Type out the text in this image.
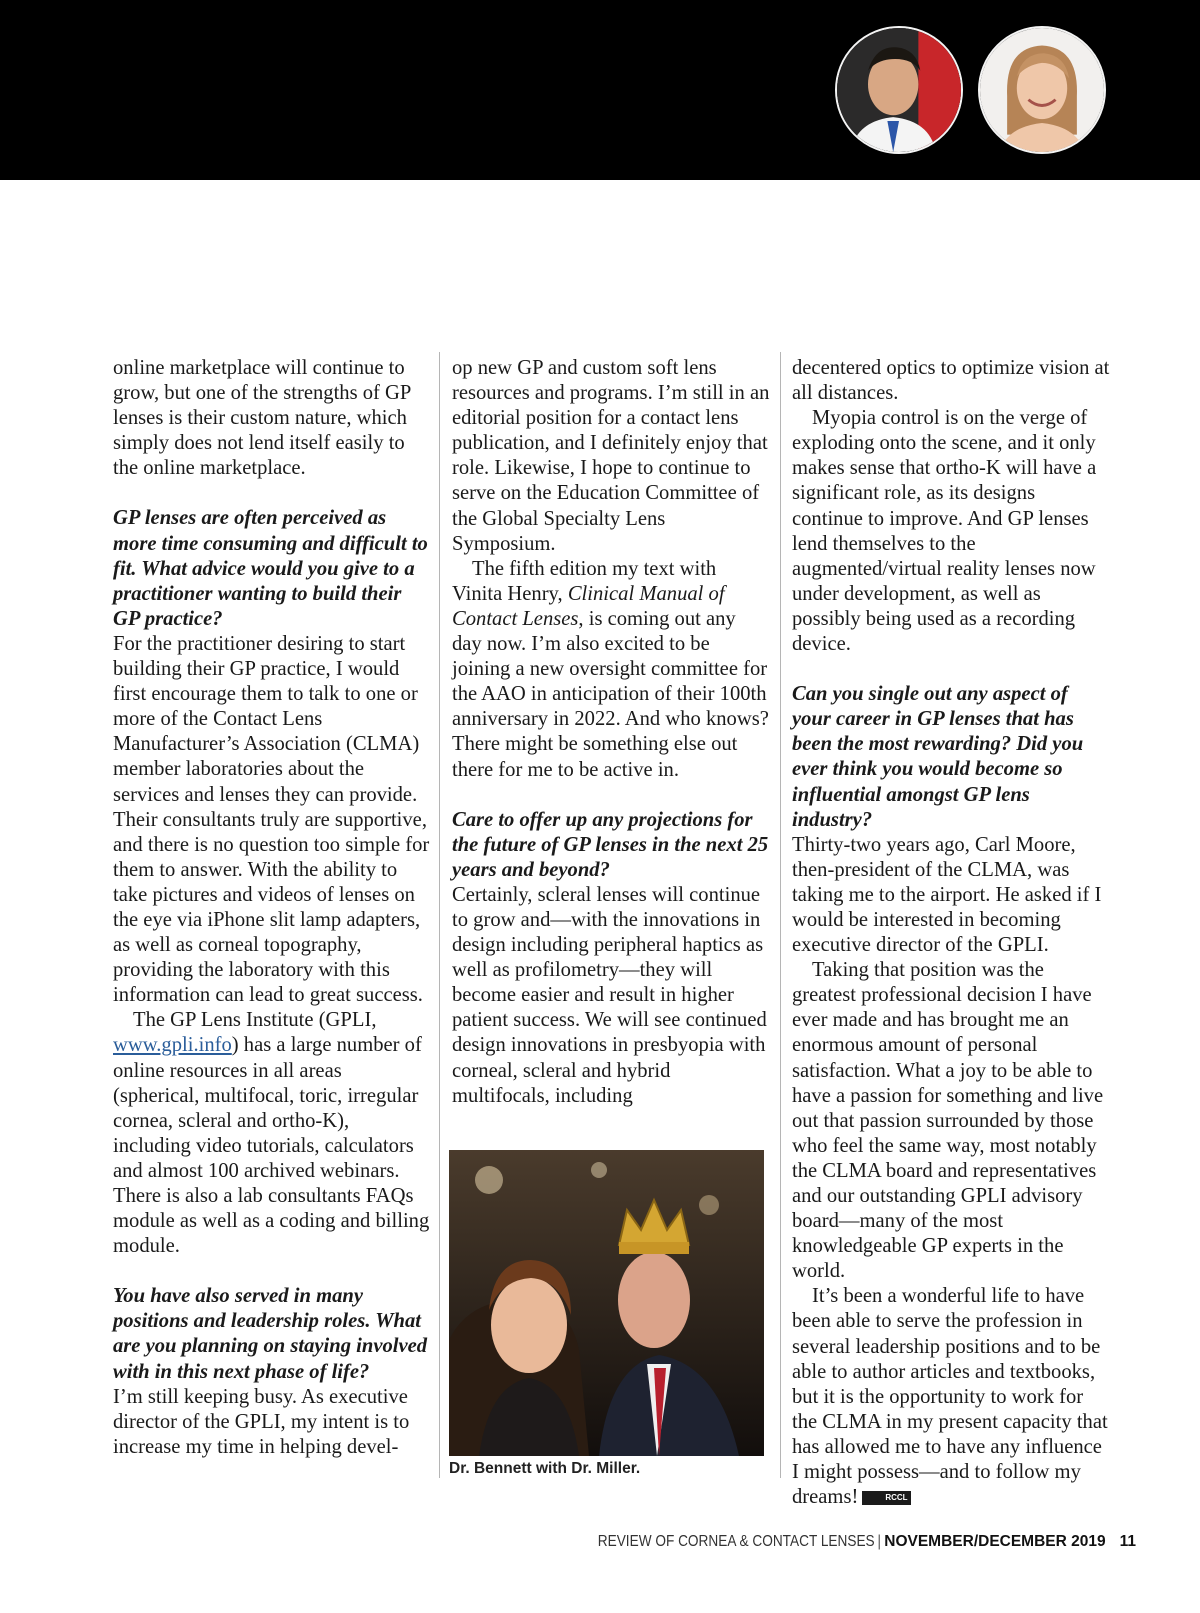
online marketplace will continue to grow, but one of the strengths of GP lenses is their custom nature, which simply does not lend itself easily to the online marketplace.

GP lenses are often perceived as more time consuming and difficult to fit. What advice would you give to a practitioner wanting to build their GP practice?

For the practitioner desiring to start building their GP practice, I would first encourage them to talk to one or more of the Contact Lens Manufacturer’s Association (CLMA) member laboratories about the services and lenses they can provide. Their consultants truly are supportive, and there is no question too simple for them to answer. With the ability to take pictures and videos of lenses on the eye via iPhone slit lamp adapters, as well as corneal topography, providing the laboratory with this information can lead to great success.

The GP Lens Institute (GPLI, www.gpli.info) has a large number of online resources in all areas (spherical, multifocal, toric, irregular cornea, scleral and ortho-K), including video tutorials, calculators and almost 100 archived webinars. There is also a lab consultants FAQs module as well as a coding and billing module.

You have also served in many positions and leadership roles. What are you planning on staying involved with in this next phase of life?

I’m still keeping busy. As executive director of the GPLI, my intent is to increase my time in helping devel-

op new GP and custom soft lens resources and programs. I’m still in an editorial position for a contact lens publication, and I definitely enjoy that role. Likewise, I hope to continue to serve on the Education Committee of the Global Specialty Lens Symposium.

The fifth edition my text with Vinita Henry, Clinical Manual of Contact Lenses, is coming out any day now. I’m also excited to be joining a new oversight committee for the AAO in anticipation of their 100th anniversary in 2022. And who knows? There might be something else out there for me to be active in.

Care to offer up any projections for the future of GP lenses in the next 25 years and beyond?

Certainly, scleral lenses will continue to grow and—with the innovations in design including peripheral haptics as well as profilometry—they will become easier and result in higher patient success. We will see continued design innovations in presbyopia with corneal, scleral and hybrid multifocals, including

Dr. Bennett with Dr. Miller.

decentered optics to optimize vision at all distances.

Myopia control is on the verge of exploding onto the scene, and it only makes sense that ortho-K will have a significant role, as its designs continue to improve. And GP lenses lend themselves to the augmented/virtual reality lenses now under development, as well as possibly being used as a recording device.

Can you single out any aspect of your career in GP lenses that has been the most rewarding? Did you ever think you would become so influential amongst GP lens industry?

Thirty-two years ago, Carl Moore, then-president of the CLMA, was taking me to the airport. He asked if I would be interested in becoming executive director of the GPLI.

Taking that position was the greatest professional decision I have ever made and has brought me an enormous amount of personal satisfaction. What a joy to be able to have a passion for something and live out that passion surrounded by those who feel the same way, most notably the CLMA board and representatives and our outstanding GPLI advisory board—many of the most knowledgeable GP experts in the world.

It’s been a wonderful life to have been able to serve the profession in several leadership positions and to be able to author articles and textbooks, but it is the opportunity to work for the CLMA in my present capacity that has allowed me to have any influence I might possess—and to follow my dreams!	RCCL

REVIEW OF CORNEA & CONTACT LENSES | NOVEMBER/DECEMBER 2019 11
